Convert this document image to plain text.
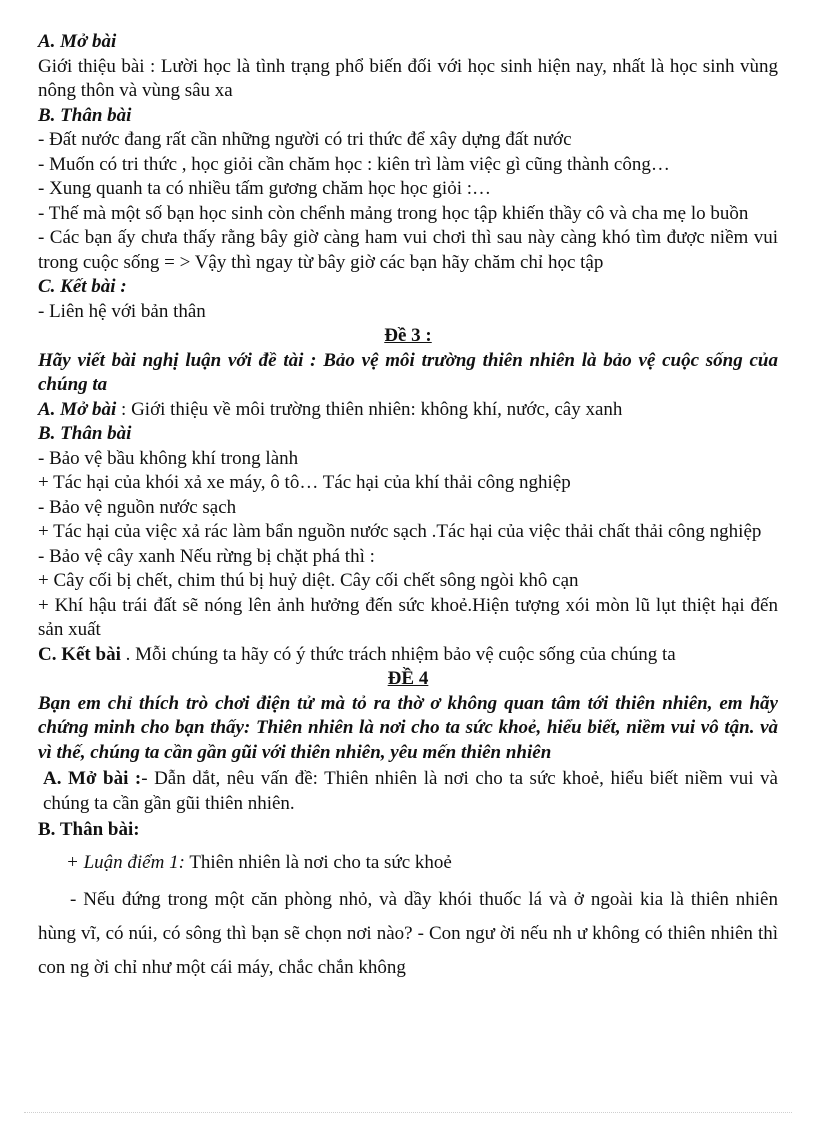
A. Mở bài

Giới thiệu bài : Lười học là tình trạng phổ biến đối với học sinh hiện nay, nhất là học sinh vùng nông thôn và vùng sâu xa

B. Thân bài

- Đất nước đang rất cần những người có tri thức để xây dựng đất nước

- Muốn có tri thức , học giỏi cần chăm học : kiên trì làm việc gì cũng thành công…

- Xung quanh ta có nhiều tấm gương chăm học học giỏi :…

- Thế mà một số bạn học sinh còn chểnh mảng trong học tập khiến thầy cô và cha mẹ lo buồn

- Các bạn ấy chưa thấy rằng bây giờ càng ham vui chơi thì sau này càng khó tìm được niềm vui trong cuộc sống = > Vậy thì ngay từ bây giờ các bạn hãy chăm chỉ học tập

C. Kết bài :

- Liên hệ với bản thân

Đề 3 :

Hãy viết bài nghị luận với đề tài : Bảo vệ môi trường thiên nhiên là bảo vệ cuộc sống của chúng ta

A. Mở bài : Giới thiệu về môi trường thiên nhiên: không khí, nước, cây xanh

B. Thân bài

- Bảo vệ bầu không khí trong lành

+ Tác hại của khói xả xe máy, ô tô… Tác hại của khí thải công nghiệp

- Bảo vệ nguồn nước sạch

+ Tác hại của việc xả rác làm bẩn nguồn nước sạch .Tác hại của việc thải chất thải công nghiệp

- Bảo vệ cây xanh Nếu rừng bị chặt phá thì :

+ Cây cối bị chết, chim thú bị huỷ diệt. Cây cối chết sông ngòi khô cạn

+ Khí hậu trái đất sẽ nóng lên ảnh hưởng đến sức khoẻ.Hiện tượng xói mòn lũ lụt thiệt hại đến sản xuất

C. Kết bài . Mỗi chúng ta hãy có ý thức trách nhiệm bảo vệ cuộc sống của chúng ta

ĐỀ 4

Bạn em chỉ thích trò chơi điện tử mà tỏ ra thờ ơ không quan tâm tới thiên nhiên, em hãy chứng minh cho bạn thấy: Thiên nhiên là nơi cho ta sức khoẻ, hiểu biết, niềm vui vô tận. và vì thế, chúng ta cần gần gũi với thiên nhiên, yêu mến thiên nhiên

A. Mở bài :- Dẫn dắt, nêu vấn đề: Thiên nhiên là nơi cho ta sức khoẻ, hiểu biết niềm vui và chúng ta cần gần gũi thiên nhiên.

B. Thân bài:

+ Luận điểm 1: Thiên nhiên là nơi cho ta sức khoẻ

- Nếu đứng trong một căn phòng nhỏ, và dầy khói thuốc lá và ở ngoài kia là thiên nhiên hùng vĩ, có núi, có sông thì bạn sẽ chọn nơi nào? - Con ngư ời nếu nh ư không có thiên nhiên thì con ng ời chỉ như một cái máy, chắc chắn không
